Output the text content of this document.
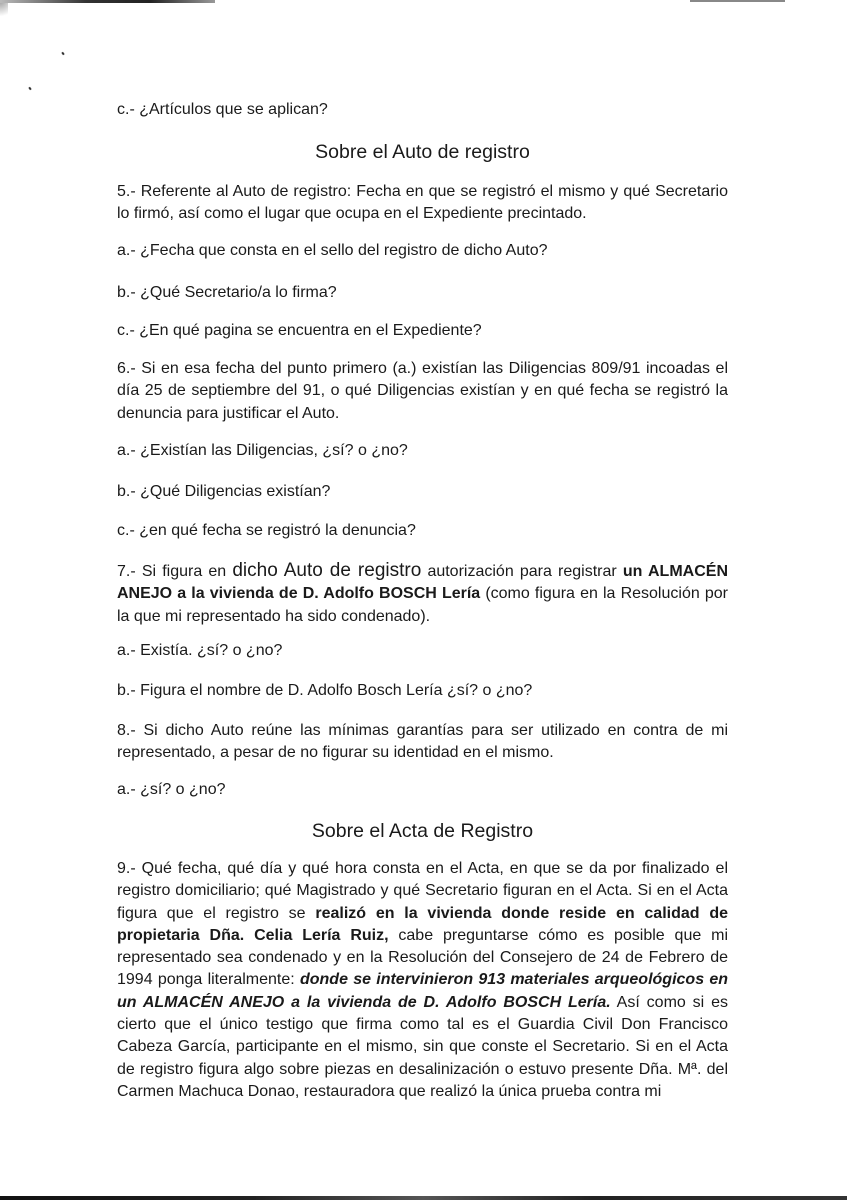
c.- ¿Artículos que se aplican?
Sobre el Auto de registro
5.- Referente al Auto de registro: Fecha en que se registró el mismo y qué Secretario lo firmó, así como el lugar que ocupa en el Expediente precintado.
a.- ¿Fecha que consta en el sello del registro de dicho Auto?
b.- ¿Qué Secretario/a lo firma?
c.- ¿En qué pagina se encuentra en el Expediente?
6.- Si en esa fecha del punto primero (a.) existían las Diligencias 809/91 incoadas el día 25 de septiembre del 91, o qué Diligencias existían y en qué fecha se registró la denuncia para justificar el Auto.
a.- ¿Existían las Diligencias, ¿sí? o ¿no?
b.- ¿Qué Diligencias existían?
c.- ¿en qué fecha se registró la denuncia?
7.- Si figura en dicho Auto de registro autorización para registrar un ALMACÉN ANEJO a la vivienda de D. Adolfo BOSCH Lería (como figura en la Resolución por la que mi representado ha sido condenado).
a.- Existía. ¿sí? o ¿no?
b.- Figura el nombre de D. Adolfo Bosch Lería ¿sí? o ¿no?
8.- Si dicho Auto reúne las mínimas garantías para ser utilizado en contra de mi representado, a pesar de no figurar su identidad en el mismo.
a.- ¿sí? o ¿no?
Sobre el Acta de Registro
9.- Qué fecha, qué día y qué hora consta en el Acta, en que se da por finalizado el registro domiciliario; qué Magistrado y qué Secretario figuran en el Acta. Si en el Acta figura que el registro se realizó en la vivienda donde reside en calidad de propietaria Dña. Celia Lería Ruiz, cabe preguntarse cómo es posible que mi representado sea condenado y en la Resolución del Consejero de 24 de Febrero de 1994 ponga literalmente: donde se intervinieron 913 materiales arqueológicos en un ALMACÉN ANEJO a la vivienda de D. Adolfo BOSCH Lería. Así como si es cierto que el único testigo que firma como tal es el Guardia Civil Don Francisco Cabeza García, participante en el mismo, sin que conste el Secretario. Si en el Acta de registro figura algo sobre piezas en desalinización o estuvo presente Dña. Mª. del Carmen Machuca Donao, restauradora que realizó la única prueba contra mi
